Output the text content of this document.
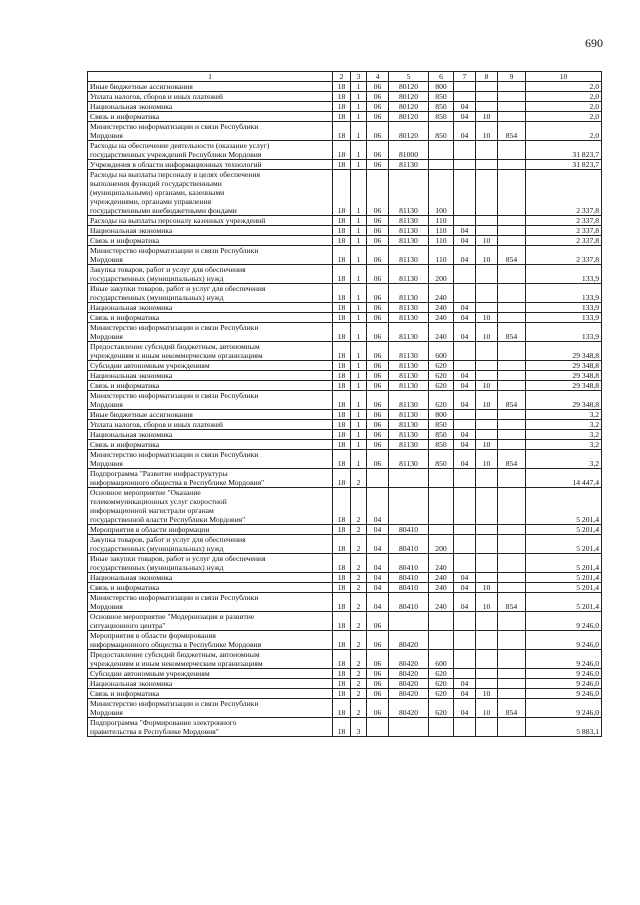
690
1	2	3	4	5	6	7	8	9	10
Иные бюджетные ассигнования	18	1	06	80120	800				2,0
Уплата налогов, сборов и иных платежей	18	1	06	80120	850				2,0
Национальная экономика	18	1	06	80120	850	04			2,0
Связь и информатика	18	1	06	80120	850	04	10		2,0
Министерство информатизации и связи Республики
Мордовия	18	1	06	80120	850	04	10	854	2,0
Расходы на обеспечение деятельности (оказание услуг)
государственных учреждений Республики Мордовия	18	1	06	81000					31 823,7
Учреждения в области информационных технологий	18	1	06	81130					31 823,7
Расходы на выплаты персоналу в целях обеспечения
выполнения функций государственными
(муниципальными) органами, казенными
учреждениями, органами управления
государственными внебюджетными фондами	18	1	06	81130	100				2 337,8
Расходы на выплаты персоналу казенных учреждений	18	1	06	81130	110				2 337,8
Национальная экономика	18	1	06	81130	110	04			2 337,8
Связь и информатика	18	1	06	81130	110	04	10		2 337,8
Министерство информатизации и связи Республики
Мордовия	18	1	06	81130	110	04	10	854	2 337,8
Закупка товаров, работ и услуг для обеспечения
государственных (муниципальных) нужд	18	1	06	81130	200				133,9
Иные закупки товаров, работ и услуг для обеспечения
государственных (муниципальных) нужд	18	1	06	81130	240				133,9
Национальная экономика	18	1	06	81130	240	04			133,9
Связь и информатика	18	1	06	81130	240	04	10		133,9
Министерство информатизации и связи Республики
Мордовия	18	1	06	81130	240	04	10	854	133,9
Предоставление субсидий бюджетным, автономным
учреждениям и иным некоммерческим организациям	18	1	06	81130	600				29 348,8
Субсидии автономным учреждениям	18	1	06	81130	620				29 348,8
Национальная экономика	18	1	06	81130	620	04			29 348,8
Связь и информатика	18	1	06	81130	620	04	10		29 348,8
Министерство информатизации и связи Республики
Мордовия	18	1	06	81130	620	04	10	854	29 348,8
Иные бюджетные ассигнования	18	1	06	81130	800				3,2
Уплата налогов, сборов и иных платежей	18	1	06	81130	850				3,2
Национальная экономика	18	1	06	81130	850	04			3,2
Связь и информатика	18	1	06	81130	850	04	10		3,2
Министерство информатизации и связи Республики
Мордовия	18	1	06	81130	850	04	10	854	3,2
Подпрограмма "Развитие инфраструктуры
информационного общества в Республике Мордовия"	18	2							14 447,4
Основное мероприятие "Оказание
телекоммуникационных услуг скоростной
информационной магистрали органам
государственной власти Республики Мордовия"	18	2	04						5 201,4
Мероприятия в области информации	18	2	04	80410					5 201,4
Закупка товаров, работ и услуг для обеспечения
государственных (муниципальных) нужд	18	2	04	80410	200				5 201,4
Иные закупки товаров, работ и услуг для обеспечения
государственных (муниципальных) нужд	18	2	04	80410	240				5 201,4
Национальная экономика	18	2	04	80410	240	04			5 201,4
Связь и информатика	18	2	04	80410	240	04	10		5 201,4
Министерство информатизации и связи Республики
Мордовия	18	2	04	80410	240	04	10	854	5 201,4
Основное мероприятие "Модернизация и развитие
ситуационного центра"	18	2	06						9 246,0
Мероприятия в области формирования
информационного общества в Республике Мордовия	18	2	06	80420					9 246,0
Предоставление субсидий бюджетным, автономным
учреждениям и иным некоммерческим организациям	18	2	06	80420	600				9 246,0
Субсидии автономным учреждениям	18	2	06	80420	620				9 246,0
Национальная экономика	18	2	06	80420	620	04			9 246,0
Связь и информатика	18	2	06	80420	620	04	10		9 246,0
Министерство информатизации и связи Республики
Мордовия	18	2	06	80420	620	04	10	854	9 246,0
Подпрограмма "Формирование электронного
правительства в Республике Мордовия"	18	3							5 883,1
